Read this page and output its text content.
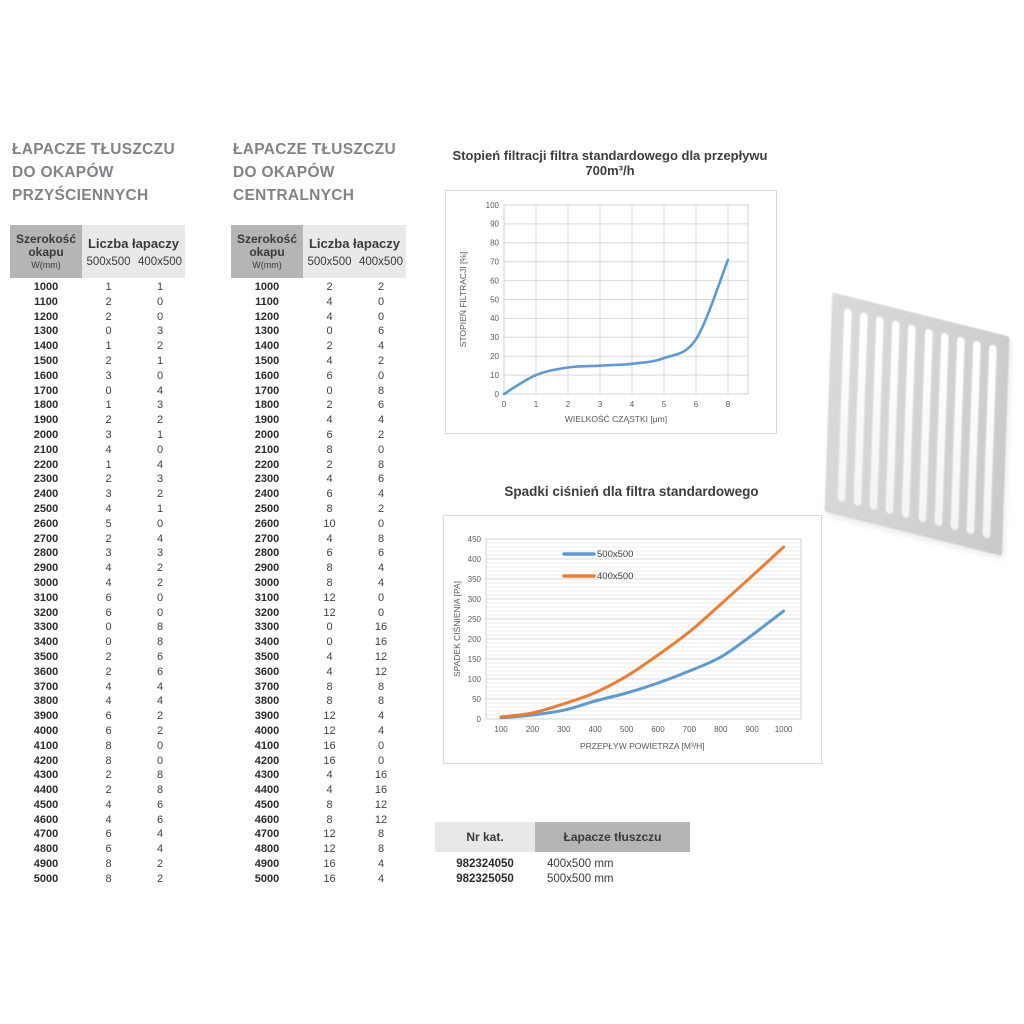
ŁAPACZE TŁUSZCZU
DO OKAPÓW
PRZYŚCIENNYCH
Szerokość okapu
W(mm)
Liczba łapaczy
500x500 400x500
1000	1	1
1100	2	0
1200	2	0
1300	0	3
1400	1	2
1500	2	1
1600	3	0
1700	0	4
1800	1	3
1900	2	2
2000	3	1
2100	4	0
2200	1	4
2300	2	3
2400	3	2
2500	4	1
2600	5	0
2700	2	4
2800	3	3
2900	4	2
3000	4	2
3100	6	0
3200	6	0
3300	0	8
3400	0	8
3500	2	6
3600	2	6
3700	4	4
3800	4	4
3900	6	2
4000	6	2
4100	8	0
4200	8	0
4300	2	8
4400	2	8
4500	4	6
4600	4	6
4700	6	4
4800	6	4
4900	8	2
5000	8	2
ŁAPACZE TŁUSZCZU
DO OKAPÓW
CENTRALNYCH
Szerokość okapu
W(mm)
Liczba łapaczy
500x500 400x500
1000	2	2
1100	4	0
1200	4	0
1300	0	6
1400	2	4
1500	4	2
1600	6	0
1700	0	8
1800	2	6
1900	4	4
2000	6	2
2100	8	0
2200	2	8
2300	4	6
2400	6	4
2500	8	2
2600	10	0
2700	4	8
2800	6	6
2900	8	4
3000	8	4
3100	12	0
3200	12	0
3300	0	16
3400	0	16
3500	4	12
3600	4	12
3700	8	8
3800	8	8
3900	12	4
4000	12	4
4100	16	0
4200	16	0
4300	4	16
4400	4	16
4500	8	12
4600	8	12
4700	12	8
4800	12	8
4900	16	4
5000	16	4
Stopień filtracji filtra standardowego dla przepływu 700m³/h
0
10
20
30
40
50
60
70
80
90
100
0	1	2	3	4	5	6	8
WIELKOŚĆ CZĄSTKI [μm]
STOPIEŃ FILTRACJI [%]
Spadki ciśnień dla filtra standardowego
0
50
100
150
200
250
300
350
400
450
100 200 300 400 500 600 700 800 900 1000
PRZEPŁYW POWIETRZA [M³/H]
SPADEK CIŚNIENIA [PA]
500x500
400x500
Nr kat.	Łapacze tłuszczu
982324050	400x500 mm
982325050	500x500 mm
